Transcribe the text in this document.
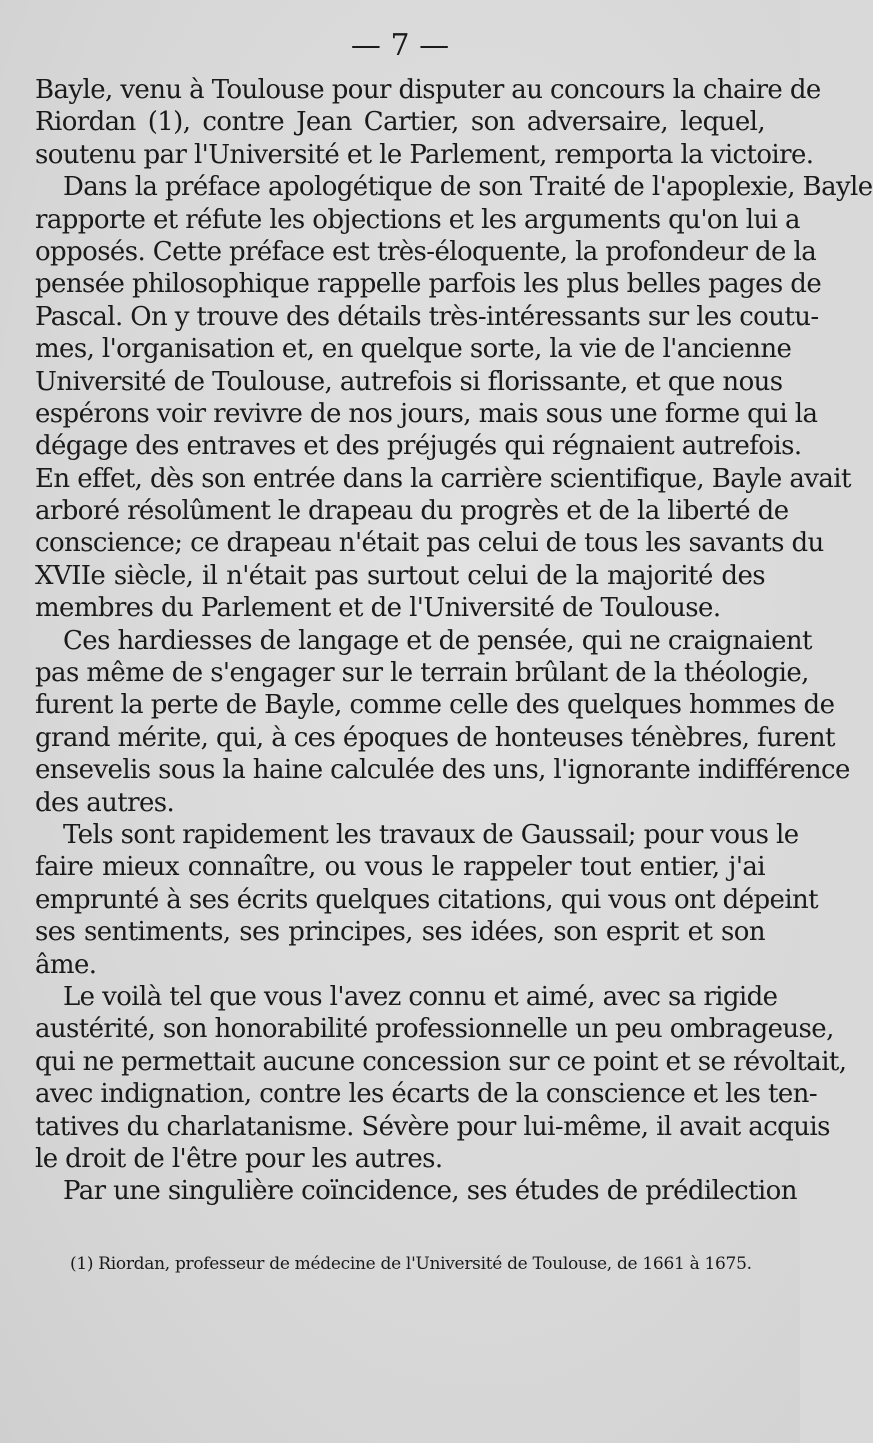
— 7 —
Bayle, venu à Toulouse pour disputer au concours la chaire de
Riordan (1), contre Jean Cartier, son adversaire, lequel,
soutenu par l'Université et le Parlement, remporta la victoire.
Dans la préface apologétique de son Traité de l'apoplexie, Bayle
rapporte et réfute les objections et les arguments qu'on lui a
opposés. Cette préface est très-éloquente, la profondeur de la
pensée philosophique rappelle parfois les plus belles pages de
Pascal. On y trouve des détails très-intéressants sur les coutu-
mes, l'organisation et, en quelque sorte, la vie de l'ancienne
Université de Toulouse, autrefois si florissante, et que nous
espérons voir revivre de nos jours, mais sous une forme qui la
dégage des entraves et des préjugés qui régnaient autrefois.
En effet, dès son entrée dans la carrière scientifique, Bayle avait
arboré résolûment le drapeau du progrès et de la liberté de
conscience; ce drapeau n'était pas celui de tous les savants du
XVIIe siècle, il n'était pas surtout celui de la majorité des
membres du Parlement et de l'Université de Toulouse.
Ces hardiesses de langage et de pensée, qui ne craignaient
pas même de s'engager sur le terrain brûlant de la théologie,
furent la perte de Bayle, comme celle des quelques hommes de
grand mérite, qui, à ces époques de honteuses ténèbres, furent
ensevelis sous la haine calculée des uns, l'ignorante indifférence
des autres.
Tels sont rapidement les travaux de Gaussail; pour vous le
faire mieux connaître, ou vous le rappeler tout entier, j'ai
emprunté à ses écrits quelques citations, qui vous ont dépeint
ses sentiments, ses principes, ses idées, son esprit et son
âme.
Le voilà tel que vous l'avez connu et aimé, avec sa rigide
austérité, son honorabilité professionnelle un peu ombrageuse,
qui ne permettait aucune concession sur ce point et se révoltait,
avec indignation, contre les écarts de la conscience et les ten-
tatives du charlatanisme. Sévère pour lui-même, il avait acquis
le droit de l'être pour les autres.
Par une singulière coïncidence, ses études de prédilection
(1) Riordan, professeur de médecine de l'Université de Toulouse, de 1661 à 1675.
